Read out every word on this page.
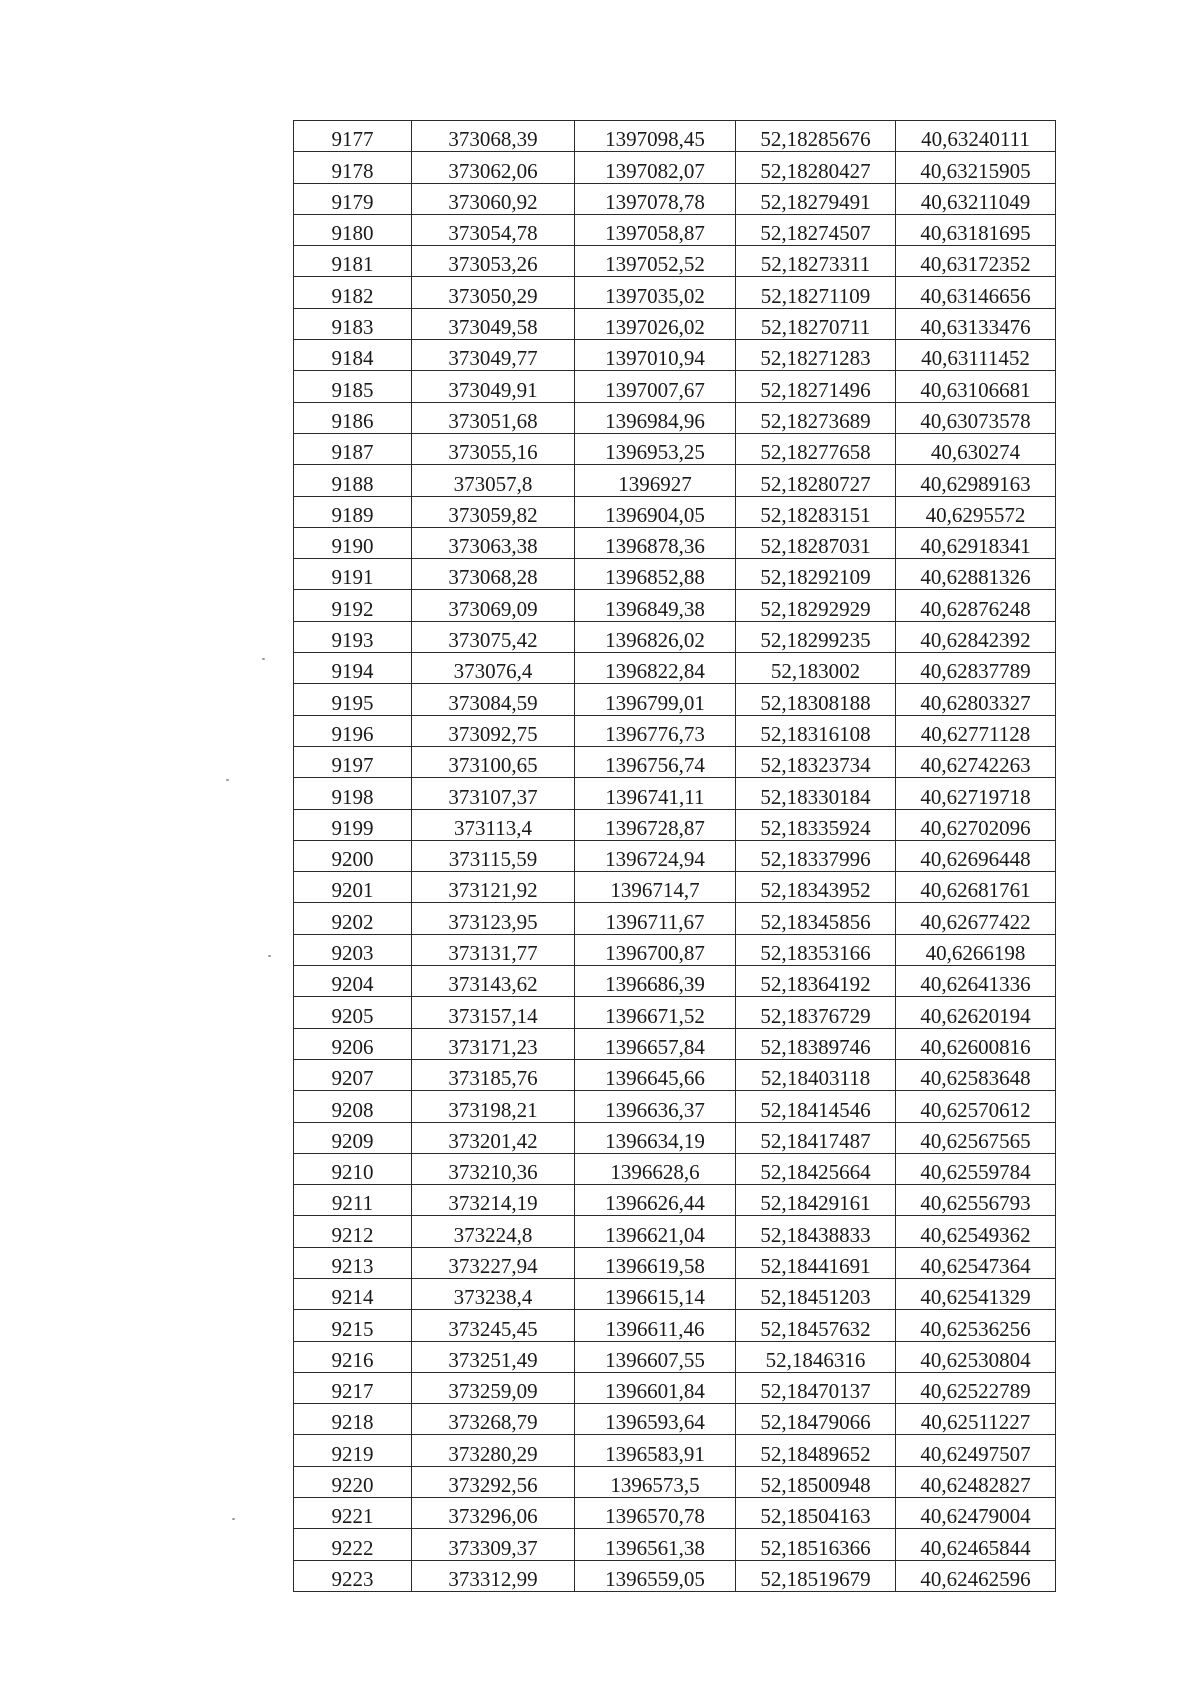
9177	373068,39	1397098,45	52,18285676	40,63240111
9178	373062,06	1397082,07	52,18280427	40,63215905
9179	373060,92	1397078,78	52,18279491	40,63211049
9180	373054,78	1397058,87	52,18274507	40,63181695
9181	373053,26	1397052,52	52,18273311	40,63172352
9182	373050,29	1397035,02	52,18271109	40,63146656
9183	373049,58	1397026,02	52,18270711	40,63133476
9184	373049,77	1397010,94	52,18271283	40,63111452
9185	373049,91	1397007,67	52,18271496	40,63106681
9186	373051,68	1396984,96	52,18273689	40,63073578
9187	373055,16	1396953,25	52,18277658	40,630274
9188	373057,8	1396927	52,18280727	40,62989163
9189	373059,82	1396904,05	52,18283151	40,6295572
9190	373063,38	1396878,36	52,18287031	40,62918341
9191	373068,28	1396852,88	52,18292109	40,62881326
9192	373069,09	1396849,38	52,18292929	40,62876248
9193	373075,42	1396826,02	52,18299235	40,62842392
9194	373076,4	1396822,84	52,183002	40,62837789
9195	373084,59	1396799,01	52,18308188	40,62803327
9196	373092,75	1396776,73	52,18316108	40,62771128
9197	373100,65	1396756,74	52,18323734	40,62742263
9198	373107,37	1396741,11	52,18330184	40,62719718
9199	373113,4	1396728,87	52,18335924	40,62702096
9200	373115,59	1396724,94	52,18337996	40,62696448
9201	373121,92	1396714,7	52,18343952	40,62681761
9202	373123,95	1396711,67	52,18345856	40,62677422
9203	373131,77	1396700,87	52,18353166	40,6266198
9204	373143,62	1396686,39	52,18364192	40,62641336
9205	373157,14	1396671,52	52,18376729	40,62620194
9206	373171,23	1396657,84	52,18389746	40,62600816
9207	373185,76	1396645,66	52,18403118	40,62583648
9208	373198,21	1396636,37	52,18414546	40,62570612
9209	373201,42	1396634,19	52,18417487	40,62567565
9210	373210,36	1396628,6	52,18425664	40,62559784
9211	373214,19	1396626,44	52,18429161	40,62556793
9212	373224,8	1396621,04	52,18438833	40,62549362
9213	373227,94	1396619,58	52,18441691	40,62547364
9214	373238,4	1396615,14	52,18451203	40,62541329
9215	373245,45	1396611,46	52,18457632	40,62536256
9216	373251,49	1396607,55	52,1846316	40,62530804
9217	373259,09	1396601,84	52,18470137	40,62522789
9218	373268,79	1396593,64	52,18479066	40,62511227
9219	373280,29	1396583,91	52,18489652	40,62497507
9220	373292,56	1396573,5	52,18500948	40,62482827
9221	373296,06	1396570,78	52,18504163	40,62479004
9222	373309,37	1396561,38	52,18516366	40,62465844
9223	373312,99	1396559,05	52,18519679	40,62462596
